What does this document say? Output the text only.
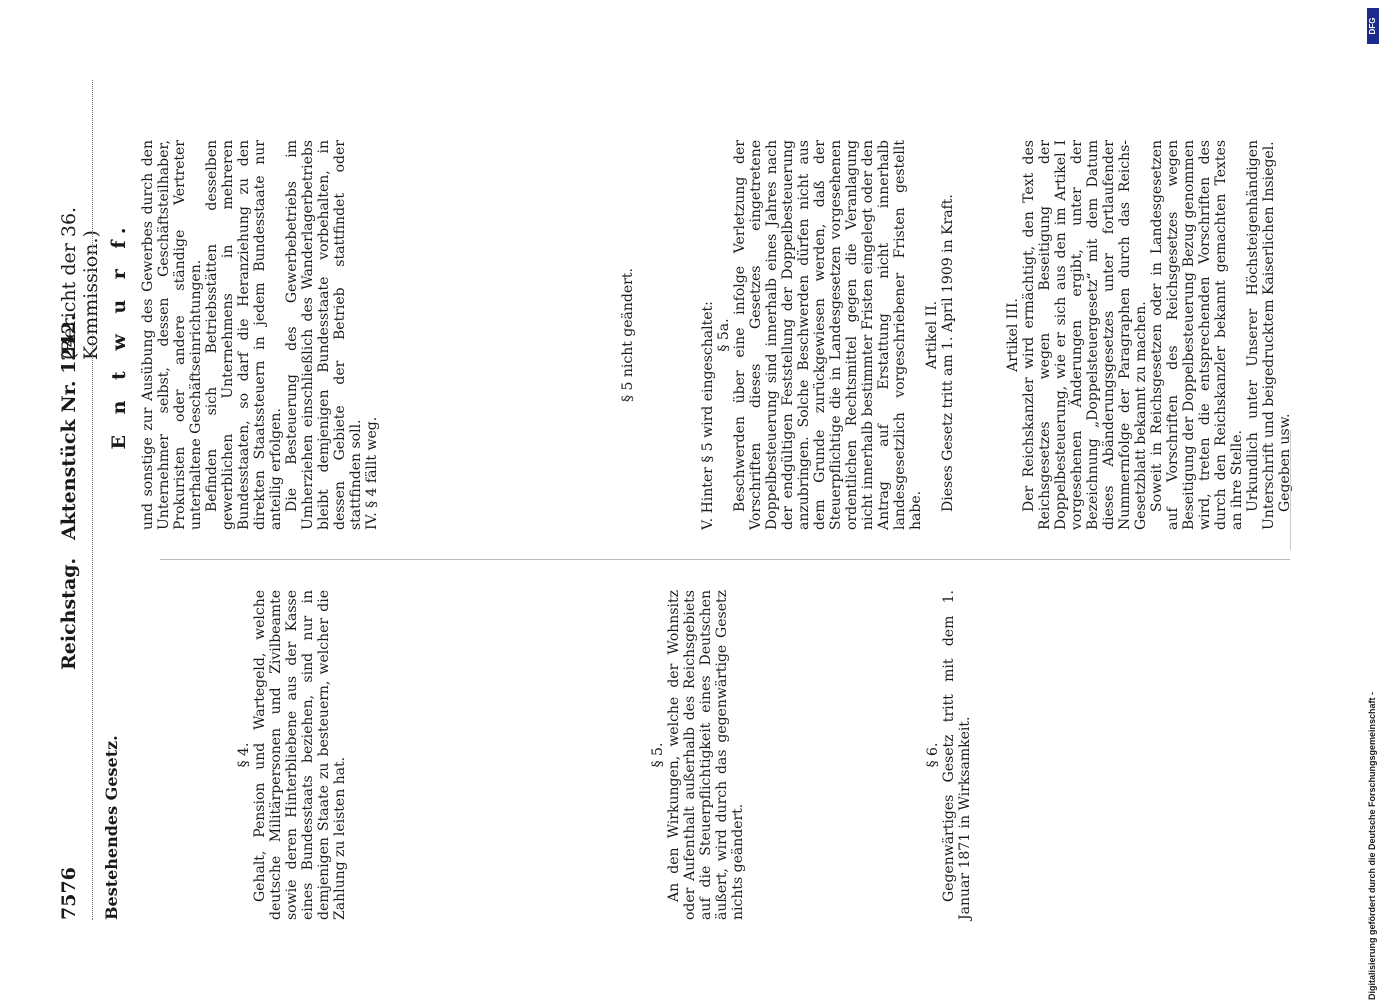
7576
Reichstag.
Aktenstück Nr. 1242.
(Bericht der 36. Kommission.)

Bestehendes Gesetz.	§ 4. Gehalt, Pension und Wartegeld, welche deutsche Militärpersonen und Zivilbeamte sowie deren Hinterbliebene aus der Kasse eines Bundesstaats beziehen, sind nur in demjenigen Staate zu besteuern, welcher die Zahlung zu leisten hat.

§ 5. An den Wirkungen, welche der Wohnsitz oder Aufenthalt außerhalb des Reichsgebiets auf die Steuerpflichtigkeit eines Deutschen äußert, wird durch das gegenwärtige Gesetz nichts geändert.

§ 6. Gegenwärtiges Gesetz tritt mit dem 1. Januar 1871 in Wirksamkeit.

E n t w u r f. und sonstige zur Ausübung des Gewerbes durch den Unternehmer selbst, dessen Geschäftsteilhaber, Prokuristen oder andere ständige Vertreter unterhaltene Geschäftseinrichtungen. Befinden sich Betriebsstätten desselben gewerblichen Unternehmens in mehreren Bundesstaaten, so darf die Heranziehung zu den direkten Staatssteuern in jedem Bundesstaate nur anteilig erfolgen. Die Besteuerung des Gewerbebetriebs im Umherziehen einschließlich des Wanderlagerbetriebs bleibt demjenigen Bundesstaate vorbehalten, in dessen Gebiete der Betrieb stattfindet oder stattfinden soll. IV. § 4 fällt weg.

§ 5 nicht geändert.	V. Hinter § 5 wird eingeschaltet: § 5a. Beschwerden über eine infolge Verletzung der Vorschriften dieses Gesetzes eingetretene Doppelbesteuerung sind innerhalb eines Jahres nach der endgültigen Feststellung der Doppelbesteuerung anzubringen. Solche Beschwerden dürfen nicht aus dem Grunde zurückgewiesen werden, daß der Steuerpflichtige die in Landesgesetzen vorgesehenen ordentlichen Rechtsmittel gegen die Veranlagung nicht innerhalb bestimmter Fristen eingelegt oder den Antrag auf Erstattung nicht innerhalb landesgesetzlich vorgeschriebener Fristen gestellt habe.

Artikel II. Dieses Gesetz tritt am 1. April 1909 in Kraft.	Artikel III. Der Reichskanzler wird ermächtigt, den Text des Reichsgesetzes wegen Beseitigung der Doppelbesteuerung, wie er sich aus den im Artikel I vorgesehenen Änderungen ergibt, unter der Bezeichnung „Doppelsteuergesetz“ mit dem Datum dieses Abänderungsgesetzes unter fortlaufender Nummernfolge der Paragraphen durch das Reichs-Gesetzblatt bekannt zu machen. Soweit in Reichsgesetzen oder in Landesgesetzen auf Vorschriften des Reichsgesetzes wegen Beseitigung der Doppelbesteuerung Bezug genommen wird, treten die entsprechenden Vorschriften des durch den Reichskanzler bekannt gemachten Textes an ihre Stelle. Urkundlich unter Unserer Höchsteigenhändigen Unterschrift und beigedrucktem Kaiserlichen Insiegel. Gegeben usw.

Digitalisierung gefördert durch die Deutsche Forschungsgemeinschaft -
DFG
